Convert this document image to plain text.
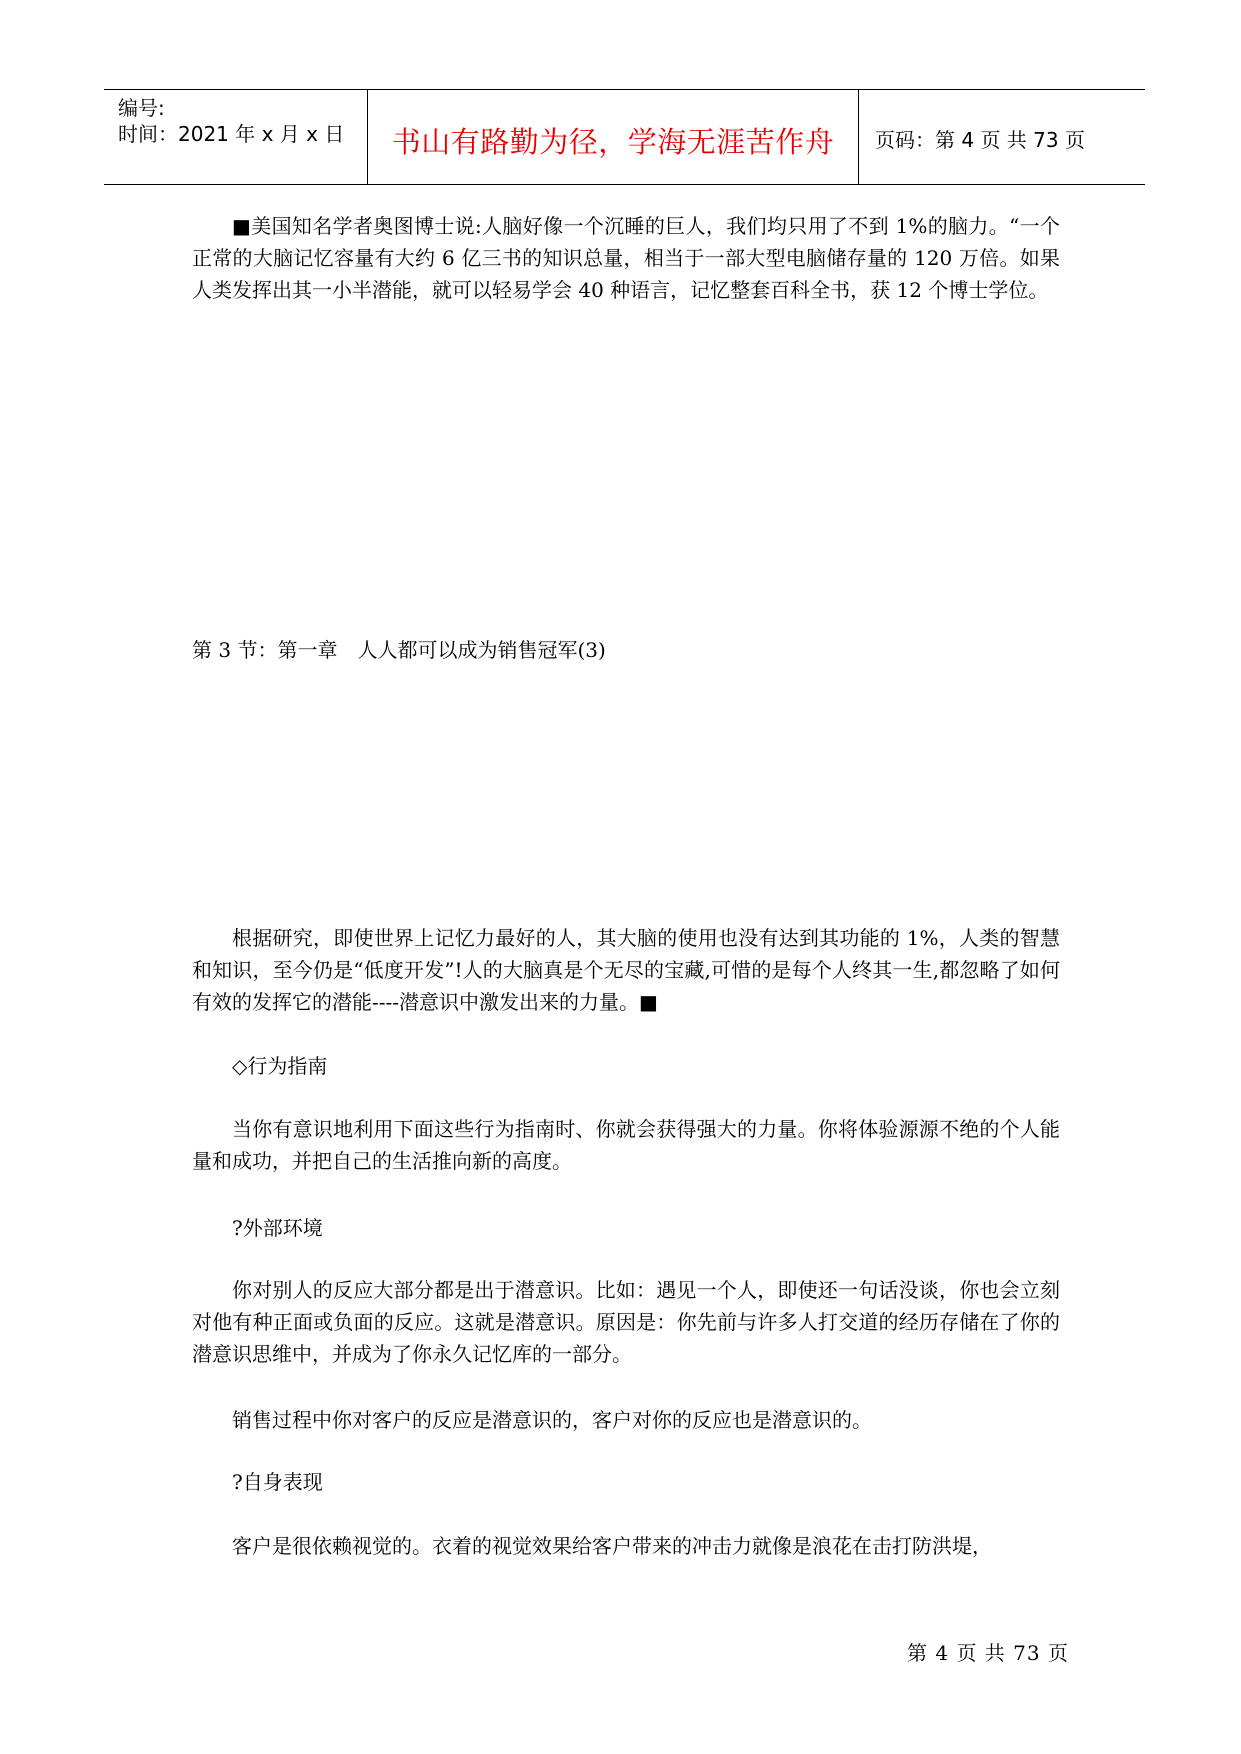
编号:
时间：2021 年 x 月 x 日	书山有路勤为径，学海无涯苦作舟	页码：第 4 页 共 73 页

■美国知名学者奥图博士说:人脑好像一个沉睡的巨人，我们均只用了不到 1%的脑力。“一个正常的大脑记忆容量有大约 6 亿三书的知识总量，相当于一部大型电脑储存量的 120 万倍。如果人类发挥出其一小半潜能，就可以轻易学会 40 种语言，记忆整套百科全书，获 12 个博士学位。

第 3 节：第一章　人人都可以成为销售冠军(3)

根据研究，即使世界上记忆力最好的人，其大脑的使用也没有达到其功能的 1%，人类的智慧和知识，至今仍是“低度开发”!人的大脑真是个无尽的宝藏,可惜的是每个人终其一生,都忽略了如何有效的发挥它的潜能----潜意识中激发出来的力量。■

◇行为指南

当你有意识地利用下面这些行为指南时、你就会获得强大的力量。你将体验源源不绝的个人能量和成功，并把自己的生活推向新的高度。

?外部环境

你对别人的反应大部分都是出于潜意识。比如：遇见一个人，即使还一句话没谈，你也会立刻对他有种正面或负面的反应。这就是潜意识。原因是：你先前与许多人打交道的经历存储在了你的潜意识思维中，并成为了你永久记忆库的一部分。

销售过程中你对客户的反应是潜意识的，客户对你的反应也是潜意识的。

?自身表现

客户是很依赖视觉的。衣着的视觉效果给客户带来的冲击力就像是浪花在击打防洪堤，

第 4 页 共 73 页
